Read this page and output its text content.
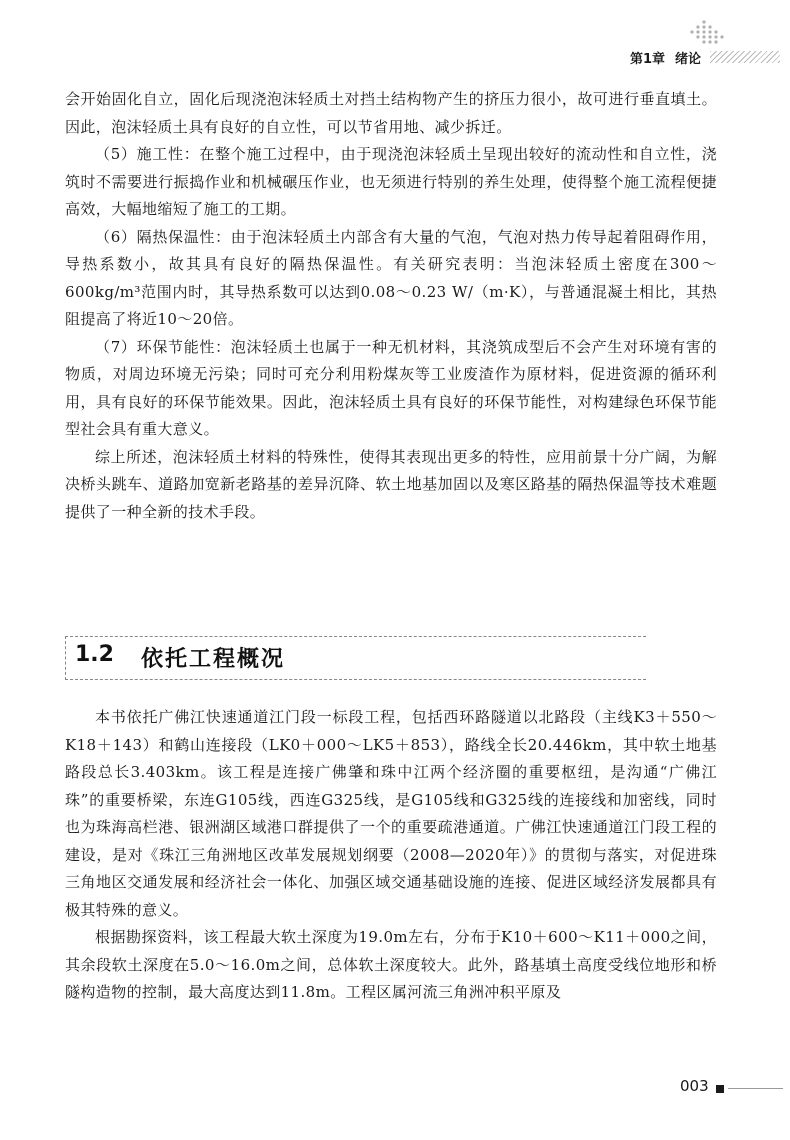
第1章 绪论

会开始固化自立，固化后现浇泡沫轻质土对挡土结构物产生的挤压力很小，故可进行垂直填土。因此，泡沫轻质土具有良好的自立性，可以节省用地、减少拆迁。

（5）施工性：在整个施工过程中，由于现浇泡沫轻质土呈现出较好的流动性和自立性，浇筑时不需要进行振捣作业和机械碾压作业，也无须进行特别的养生处理，使得整个施工流程便捷高效，大幅地缩短了施工的工期。

（6）隔热保温性：由于泡沫轻质土内部含有大量的气泡，气泡对热力传导起着阻碍作用，导热系数小，故其具有良好的隔热保温性。有关研究表明：当泡沫轻质土密度在300～600kg/m³范围内时，其导热系数可以达到0.08～0.23 W/（m·K），与普通混凝土相比，其热阻提高了将近10～20倍。

（7）环保节能性：泡沫轻质土也属于一种无机材料，其浇筑成型后不会产生对环境有害的物质，对周边环境无污染；同时可充分利用粉煤灰等工业废渣作为原材料，促进资源的循环利用，具有良好的环保节能效果。因此，泡沫轻质土具有良好的环保节能性，对构建绿色环保节能型社会具有重大意义。

综上所述，泡沫轻质土材料的特殊性，使得其表现出更多的特性，应用前景十分广阔，为解决桥头跳车、道路加宽新老路基的差异沉降、软土地基加固以及寒区路基的隔热保温等技术难题提供了一种全新的技术手段。

1.2 依托工程概况

本书依托广佛江快速通道江门段一标段工程，包括西环路隧道以北路段（主线K3＋550～K18＋143）和鹤山连接段（LK0＋000～LK5＋853），路线全长20.446km，其中软土地基路段总长3.403km。该工程是连接广佛肇和珠中江两个经济圈的重要枢纽，是沟通“广佛江珠”的重要桥梁，东连G105线，西连G325线，是G105线和G325线的连接线和加密线，同时也为珠海高栏港、银洲湖区域港口群提供了一个的重要疏港通道。广佛江快速通道江门段工程的建设，是对《珠江三角洲地区改革发展规划纲要（2008—2020年）》的贯彻与落实，对促进珠三角地区交通发展和经济社会一体化、加强区域交通基础设施的连接、促进区域经济发展都具有极其特殊的意义。

根据勘探资料，该工程最大软土深度为19.0m左右，分布于K10＋600～K11＋000之间，其余段软土深度在5.0～16.0m之间，总体软土深度较大。此外，路基填土高度受线位地形和桥隧构造物的控制，最大高度达到11.8m。工程区属河流三角洲冲积平原及

003
